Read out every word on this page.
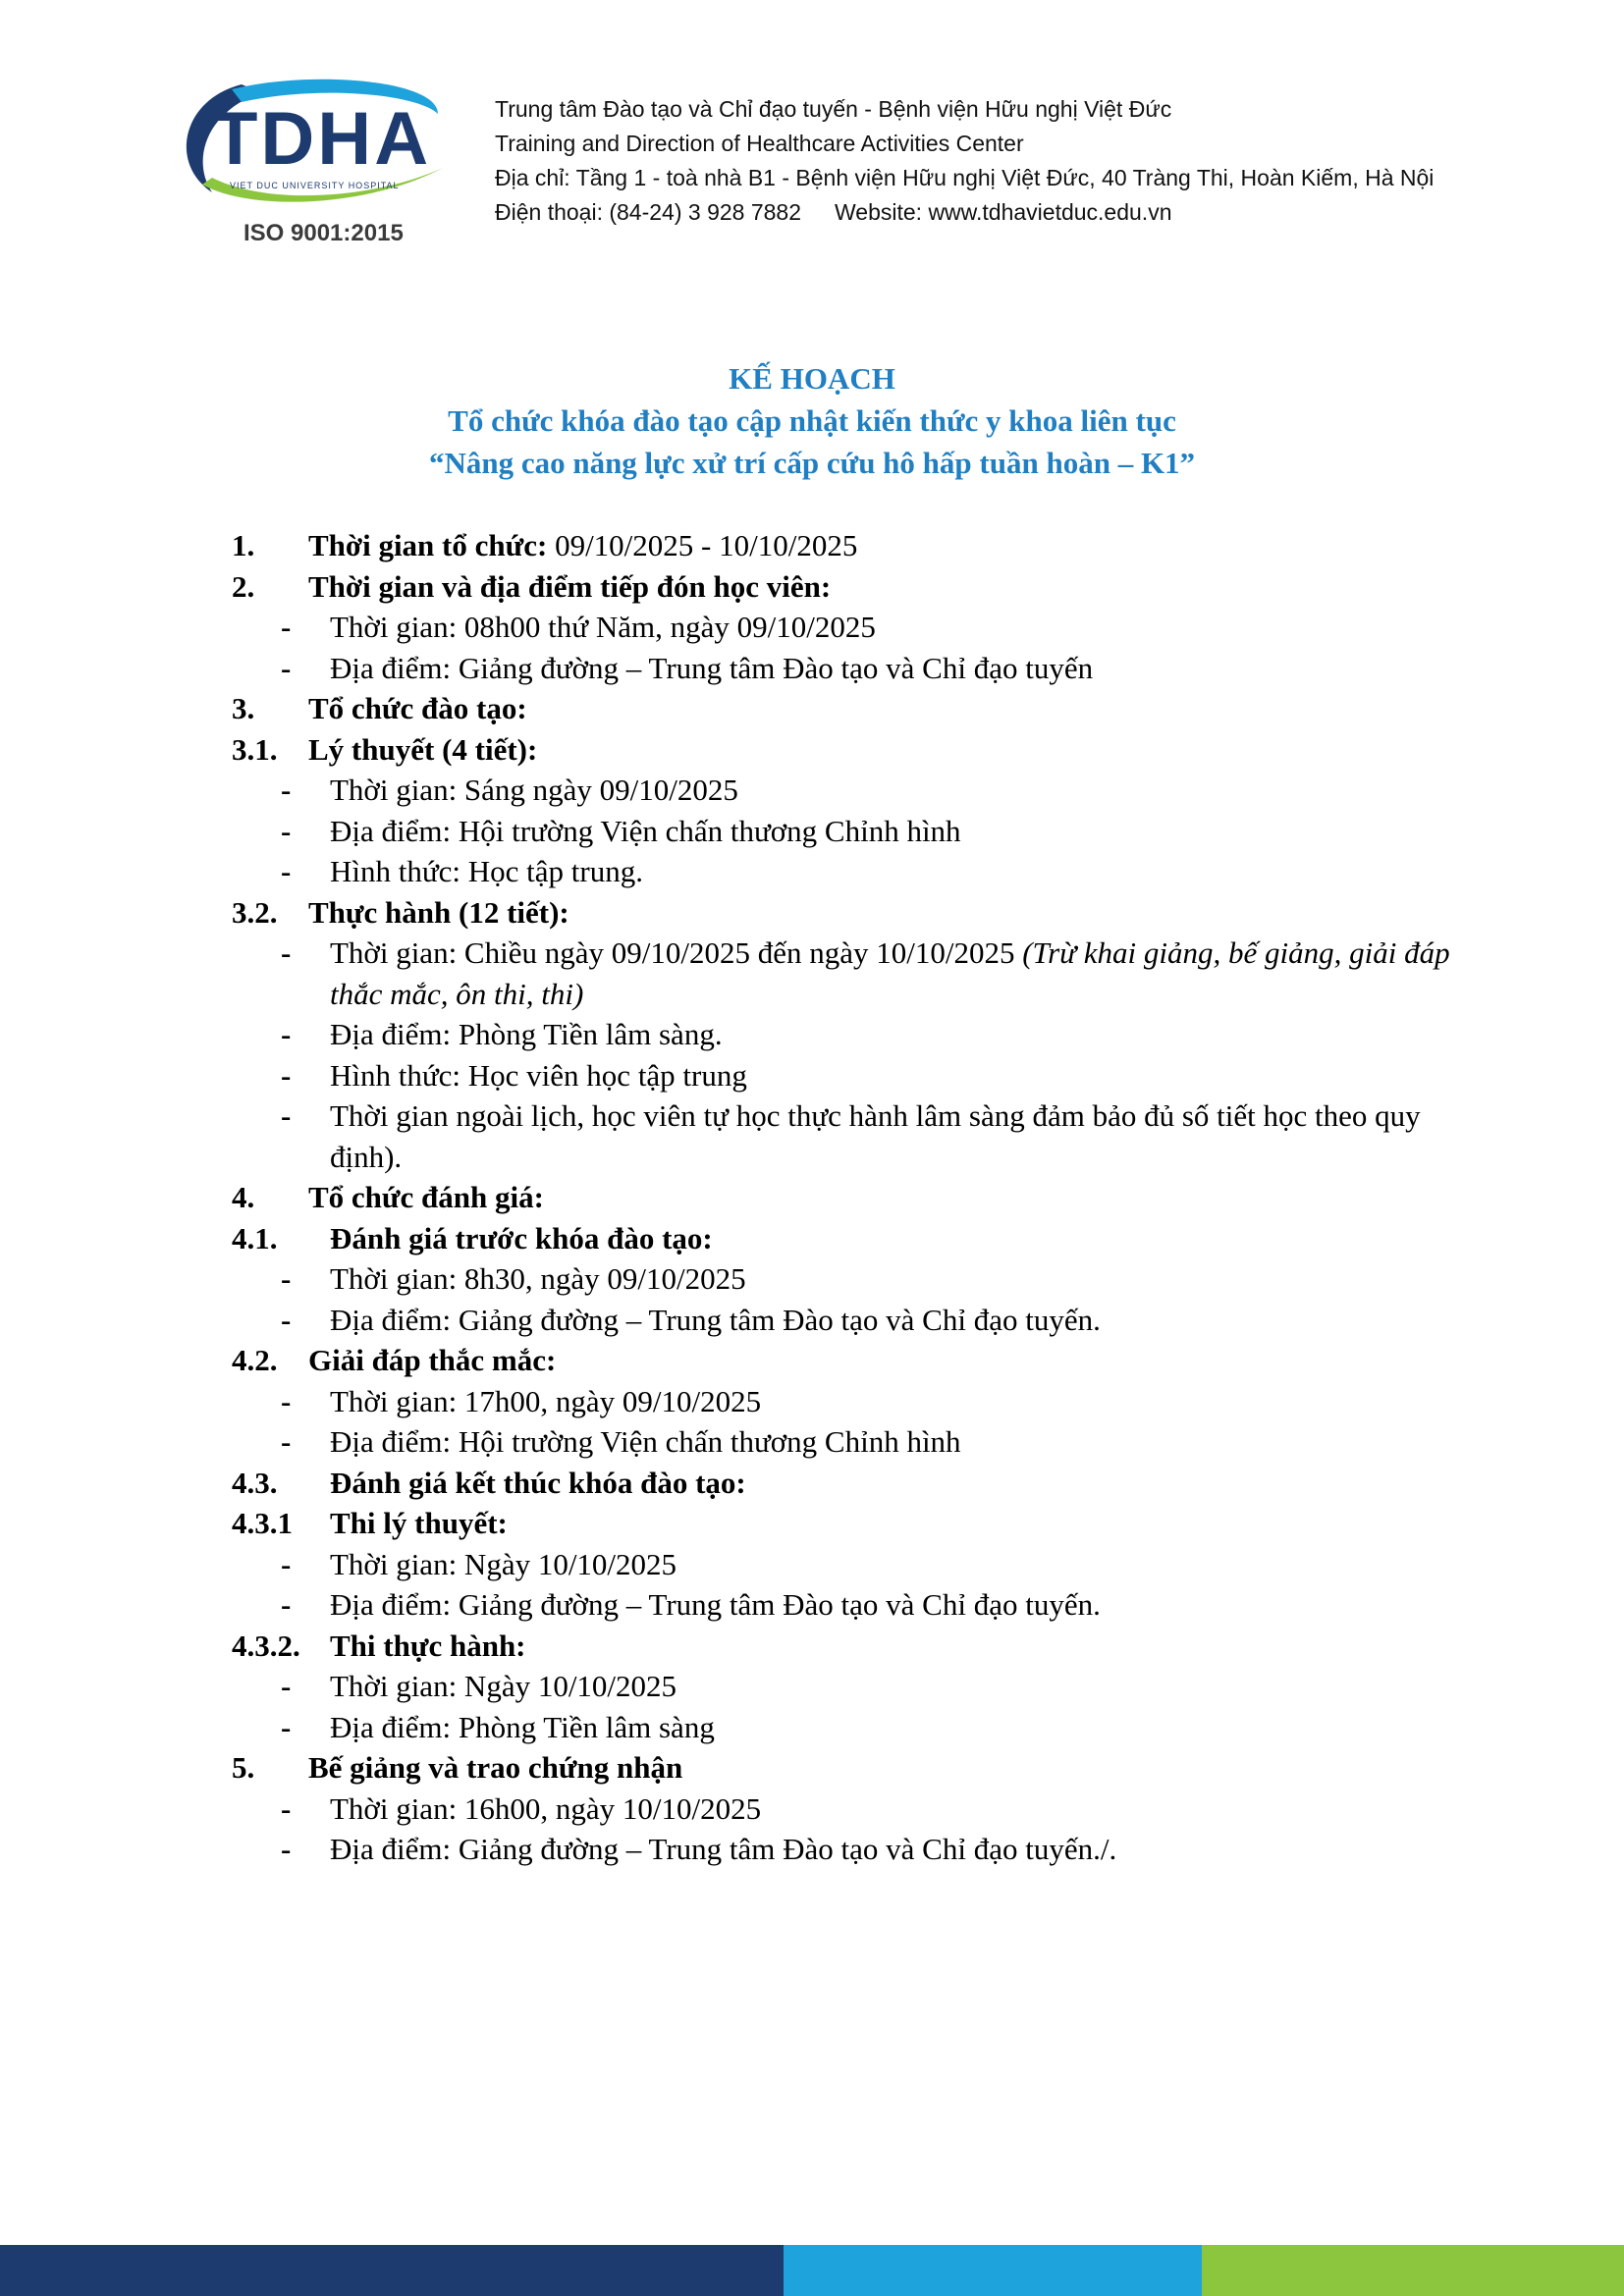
TDHA
VIET DUC UNIVERSITY HOSPITAL
ISO 9001:2015
Trung tâm Đào tạo và Chỉ đạo tuyến - Bệnh viện Hữu nghị Việt Đức
Training and Direction of Healthcare Activities Center
Địa chỉ: Tầng 1 - toà nhà B1 - Bệnh viện Hữu nghị Việt Đức, 40 Tràng Thi, Hoàn Kiếm, Hà Nội
Điện thoại: (84-24) 3 928 7882 Website: www.tdhavietduc.edu.vn
KẾ HOẠCH
Tổ chức khóa đào tạo cập nhật kiến thức y khoa liên tục
“Nâng cao năng lực xử trí cấp cứu hô hấp tuần hoàn – K1”
1. Thời gian tổ chức: 09/10/2025 - 10/10/2025
2. Thời gian và địa điểm tiếp đón học viên:
- Thời gian: 08h00 thứ Năm, ngày 09/10/2025
- Địa điểm: Giảng đường – Trung tâm Đào tạo và Chỉ đạo tuyến
3. Tổ chức đào tạo:
3.1. Lý thuyết (4 tiết):
- Thời gian: Sáng ngày 09/10/2025
- Địa điểm: Hội trường Viện chấn thương Chỉnh hình
- Hình thức: Học tập trung.
3.2. Thực hành (12 tiết):
- Thời gian: Chiều ngày 09/10/2025 đến ngày 10/10/2025 (Trừ khai giảng, bế giảng, giải đáp thắc mắc, ôn thi, thi)
- Địa điểm: Phòng Tiền lâm sàng.
- Hình thức: Học viên học tập trung
- Thời gian ngoài lịch, học viên tự học thực hành lâm sàng đảm bảo đủ số tiết học theo quy định).
4. Tổ chức đánh giá:
4.1. Đánh giá trước khóa đào tạo:
- Thời gian: 8h30, ngày 09/10/2025
- Địa điểm: Giảng đường – Trung tâm Đào tạo và Chỉ đạo tuyến.
4.2. Giải đáp thắc mắc:
- Thời gian: 17h00, ngày 09/10/2025
- Địa điểm: Hội trường Viện chấn thương Chỉnh hình
4.3. Đánh giá kết thúc khóa đào tạo:
4.3.1 Thi lý thuyết:
- Thời gian: Ngày 10/10/2025
- Địa điểm: Giảng đường – Trung tâm Đào tạo và Chỉ đạo tuyến.
4.3.2. Thi thực hành:
- Thời gian: Ngày 10/10/2025
- Địa điểm: Phòng Tiền lâm sàng
5. Bế giảng và trao chứng nhận
- Thời gian: 16h00, ngày 10/10/2025
- Địa điểm: Giảng đường – Trung tâm Đào tạo và Chỉ đạo tuyến./.
